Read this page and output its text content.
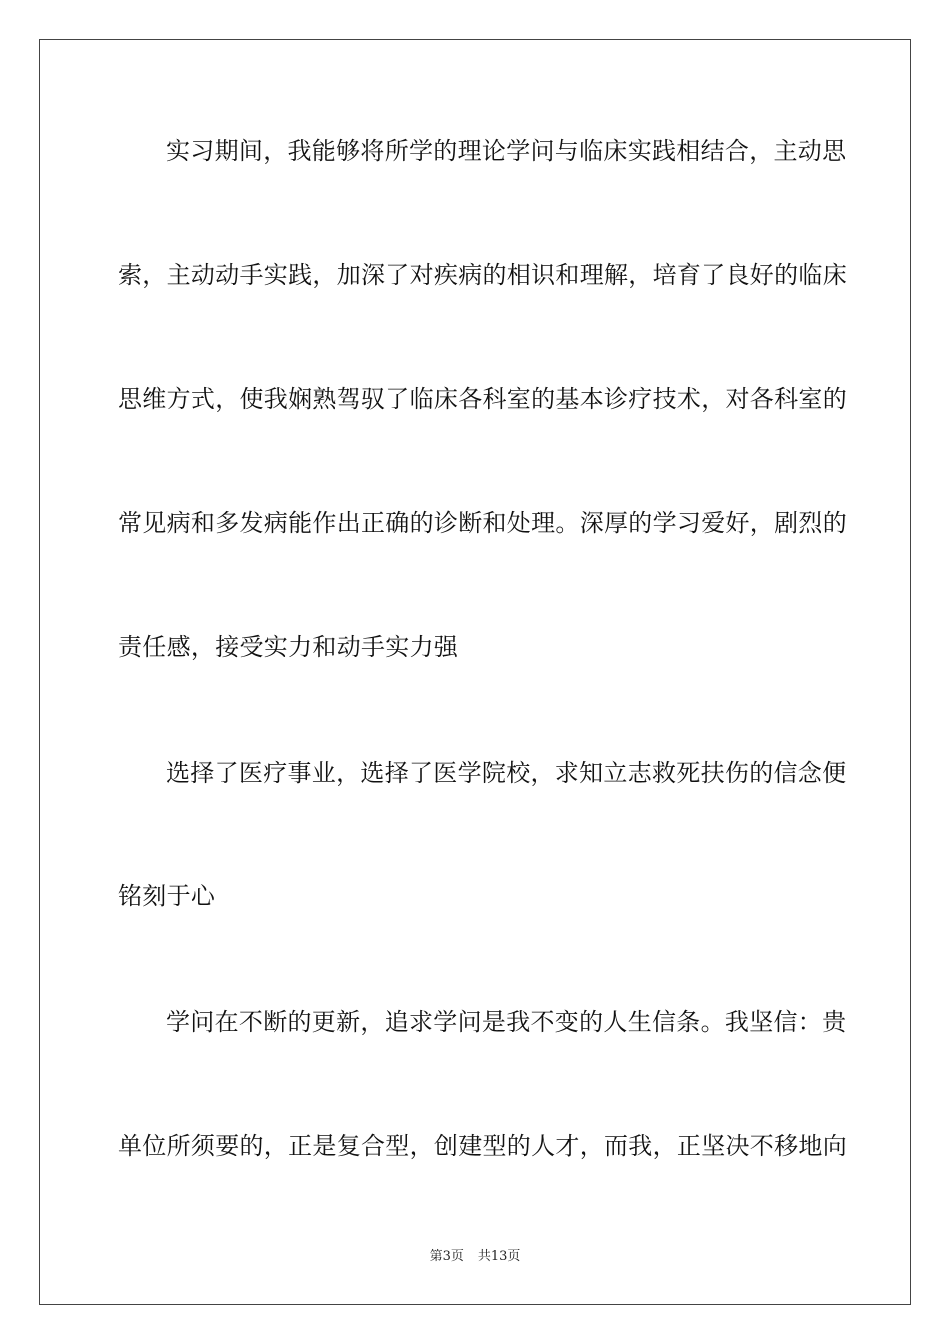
实习期间，我能够将所学的理论学问与临床实践相结合，主动思
索，主动动手实践，加深了对疾病的相识和理解，培育了良好的临床
思维方式，使我娴熟驾驭了临床各科室的基本诊疗技术，对各科室的
常见病和多发病能作出正确的诊断和处理。深厚的学习爱好，剧烈的
责任感，接受实力和动手实力强
选择了医疗事业，选择了医学院校，求知立志救死扶伤的信念便
铭刻于心
学问在不断的更新，追求学问是我不变的人生信条。我坚信：贵
单位所须要的，正是复合型，创建型的人才，而我，正坚决不移地向
第3页 共13页
